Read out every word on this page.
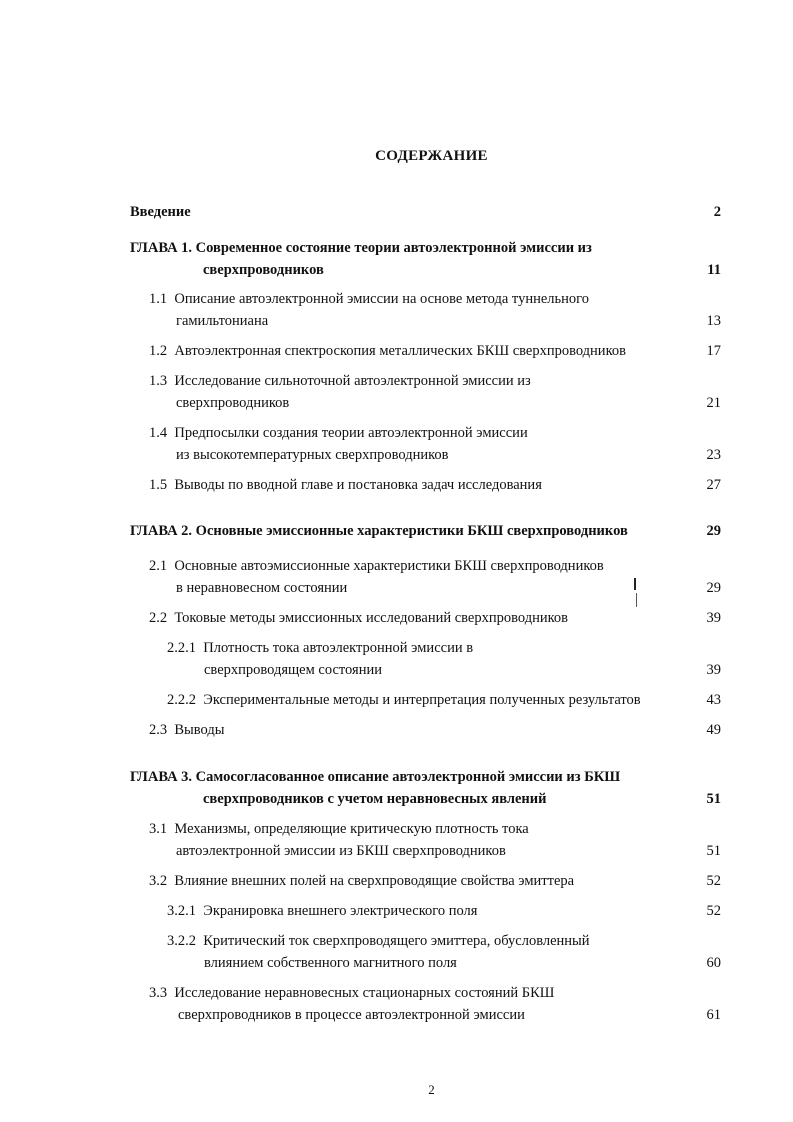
СОДЕРЖАНИЕ
Введение	2
ГЛАВА 1. Современное состояние теории автоэлектронной эмиссии из
сверхпроводников	11
1.1 Описание автоэлектронной эмиссии на основе метода туннельного
гамильтониана	13
1.2 Автоэлектронная спектроскопия металлических БКШ сверхпроводников	17
1.3 Исследование сильноточной автоэлектронной эмиссии из
сверхпроводников	21
1.4 Предпосылки создания теории автоэлектронной эмиссии
из высокотемпературных сверхпроводников	23
1.5 Выводы по вводной главе и постановка задач исследования	27
ГЛАВА 2. Основные эмиссионные характеристики БКШ сверхпроводников	29
2.1 Основные автоэмиссионные характеристики БКШ сверхпроводников
в неравновесном состоянии	29
2.2 Токовые методы эмиссионных исследований сверхпроводников	39
2.2.1 Плотность тока автоэлектронной эмиссии в
сверхпроводящем состоянии	39
2.2.2 Экспериментальные методы и интерпретация полученных результатов	43
2.3 Выводы	49
ГЛАВА 3. Самосогласованное описание автоэлектронной эмиссии из БКШ
сверхпроводников с учетом неравновесных явлений	51
3.1 Механизмы, определяющие критическую плотность тока
автоэлектронной эмиссии из БКШ сверхпроводников	51
3.2 Влияние внешних полей на сверхпроводящие свойства эмиттера	52
3.2.1 Экранировка внешнего электрического поля	52
3.2.2 Критический ток сверхпроводящего эмиттера, обусловленный
влиянием собственного магнитного поля	60
3.3 Исследование неравновесных стационарных состояний БКШ
сверхпроводников в процессе автоэлектронной эмиссии	61
2
